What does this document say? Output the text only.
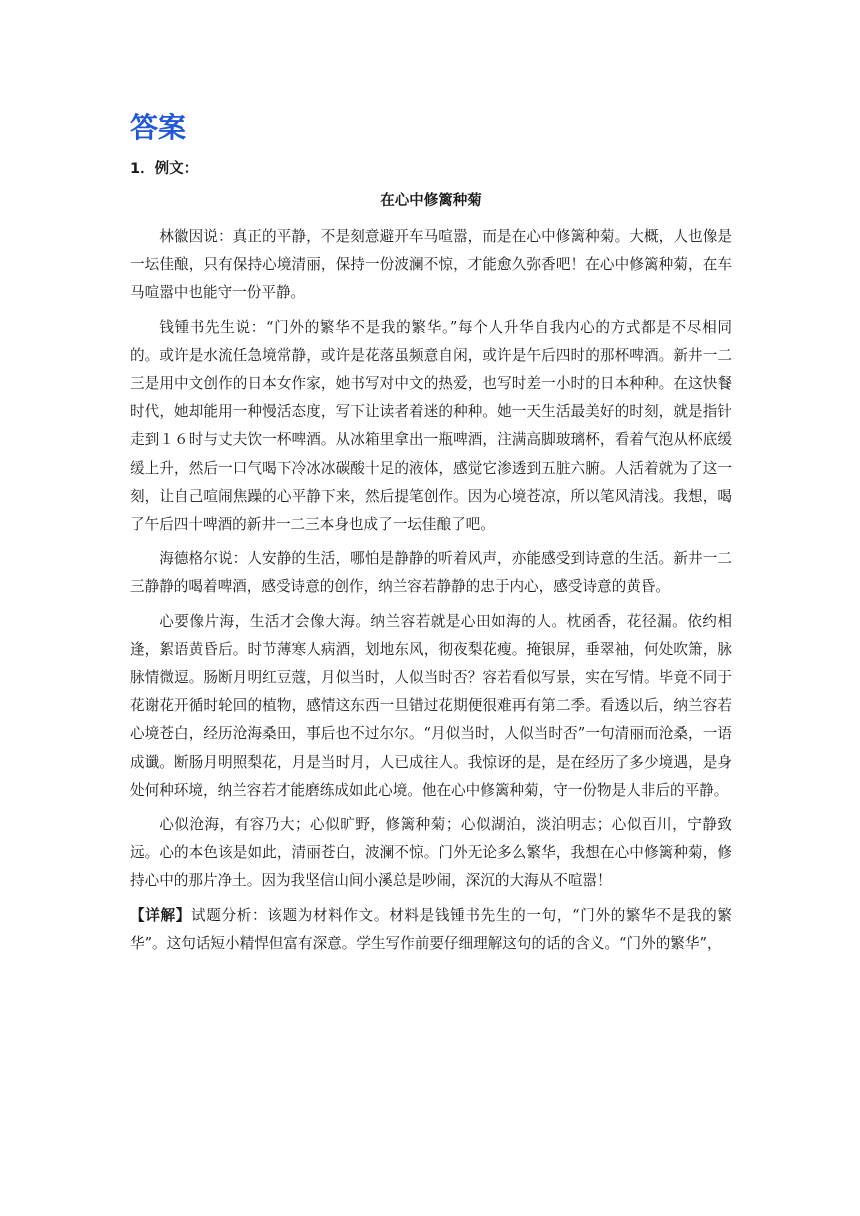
答案
1．例文：
在心中修篱种菊

林徽因说：真正的平静，不是刻意避开车马喧嚣，而是在心中修篱种菊。大概，人也像是一坛佳酿，只有保持心境清丽，保持一份波澜不惊，才能愈久弥香吧！在心中修篱种菊，在车马喧嚣中也能守一份平静。

钱锺书先生说：“门外的繁华不是我的繁华。”每个人升华自我内心的方式都是不尽相同的。或许是水流任急境常静，或许是花落虽频意自闲，或许是午后四时的那杯啤酒。新井一二三是用中文创作的日本女作家，她书写对中文的热爱，也写时差一小时的日本种种。在这快餐时代，她却能用一种慢活态度，写下让读者着迷的种种。她一天生活最美好的时刻，就是指针走到１６时与丈夫饮一杯啤酒。从冰箱里拿出一瓶啤酒，注满高脚玻璃杯，看着气泡从杯底缓缓上升，然后一口气喝下冷冰冰碳酸十足的液体，感觉它渗透到五脏六腑。人活着就为了这一刻，让自己喧闹焦躁的心平静下来，然后提笔创作。因为心境苍凉，所以笔风清浅。我想，喝了午后四十啤酒的新井一二三本身也成了一坛佳酿了吧。

海德格尔说：人安静的生活，哪怕是静静的听着风声，亦能感受到诗意的生活。新井一二三静静的喝着啤酒，感受诗意的创作，纳兰容若静静的忠于内心，感受诗意的黄昏。

心要像片海，生活才会像大海。纳兰容若就是心田如海的人。枕函香，花径漏。依约相逢，絮语黄昏后。时节薄寒人病酒，划地东风，彻夜梨花瘦。掩银屏，垂翠袖，何处吹箫，脉脉情微逗。肠断月明红豆蔻，月似当时，人似当时否？容若看似写景，实在写情。毕竟不同于花谢花开循时轮回的植物，感情这东西一旦错过花期便很难再有第二季。看透以后，纳兰容若心境苍白，经历沧海桑田，事后也不过尔尔。“月似当时，人似当时否”一句清丽而沧桑，一语成谶。断肠月明照梨花，月是当时月，人已成往人。我惊讶的是，是在经历了多少境遇，是身处何种环境，纳兰容若才能磨练成如此心境。他在心中修篱种菊，守一份物是人非后的平静。

心似沧海，有容乃大；心似旷野，修篱种菊；心似湖泊，淡泊明志；心似百川，宁静致远。心的本色该是如此，清丽苍白，波澜不惊。门外无论多么繁华，我想在心中修篱种菊，修持心中的那片净土。因为我坚信山间小溪总是吵闹，深沉的大海从不喧嚣！

【详解】试题分析：该题为材料作文。材料是钱锺书先生的一句，“门外的繁华不是我的繁华”。这句话短小精悍但富有深意。学生写作前要仔细理解这句的话的含义。“门外的繁华”，
